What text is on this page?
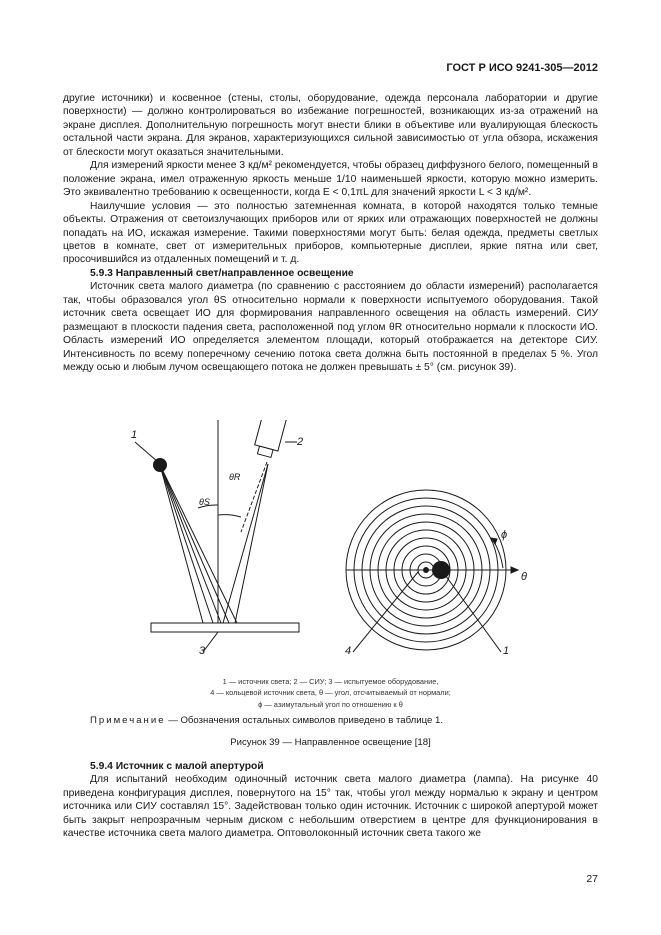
ГОСТ Р ИСО 9241-305—2012

другие источники) и косвенное (стены, столы, оборудование, одежда персонала лаборатории и другие поверхности) — должно контролироваться во избежание погрешностей, возникающих из-за отражений на экране дисплея. Дополнительную погрешность могут внести блики в объективе или вуалирующая блескость остальной части экрана. Для экранов, характеризующихся сильной зависимостью от угла обзора, искажения от блескости могут оказаться значительными.

Для измерений яркости менее 3 кд/м² рекомендуется, чтобы образец диффузного белого, помещенный в положение экрана, имел отраженную яркость меньше 1/10 наименьшей яркости, которую можно измерить. Это эквивалентно требованию к освещенности, когда E < 0,1πL для значений яркости L < 3 кд/м².

Наилучшие условия — это полностью затемненная комната, в которой находятся только темные объекты. Отражения от светоизлучающих приборов или от ярких или отражающих поверхностей не должны попадать на ИО, искажая измерение. Такими поверхностями могут быть: белая одежда, предметы светлых цветов в комнате, свет от измерительных приборов, компьютерные дисплеи, яркие пятна или свет, просочившийся из отдаленных помещений и т. д.

5.9.3 Направленный свет/направленное освещение

Источник света малого диаметра (по сравнению с расстоянием до области измерений) располагается так, чтобы образовался угол θS относительно нормали к поверхности испытуемого оборудования. Такой источник света освещает ИО для формирования направленного освещения на область измерений. СИУ размещают в плоскости падения света, расположенной под углом θR относительно нормали к плоскости ИО. Область измерений ИО определяется элементом площади, который отображается на детекторе СИУ. Интенсивность по всему поперечному сечению потока света должна быть постоянной в пределах 5 %. Угол между осью и любым лучом освещающего потока не должен превышать ± 5° (см. рисунок 39).

1
2
3	4	1
θR
θS
ϕ
θ
1 — источник света; 2 — СИУ; 3 — испытуемое оборудование,
4 — кольцевой источник света, θ — угол, отсчитываемый от нормали;
ϕ — азимутальный угол по отношению к θ
Примечание — Обозначения остальных символов приведено в таблице 1.
Рисунок 39 — Направленное освещение [18]

5.9.4 Источник с малой апертурой

Для испытаний необходим одиночный источник света малого диаметра (лампа). На рисунке 40 приведена конфигурация дисплея, повернутого на 15° так, чтобы угол между нормалью к экрану и центром источника или СИУ составлял 15°. Задействован только один источник. Источник с широкой апертурой может быть закрыт непрозрачным черным диском с небольшим отверстием в центре для функционирования в качестве источника света малого диаметра. Оптоволоконный источник света такого же

27
